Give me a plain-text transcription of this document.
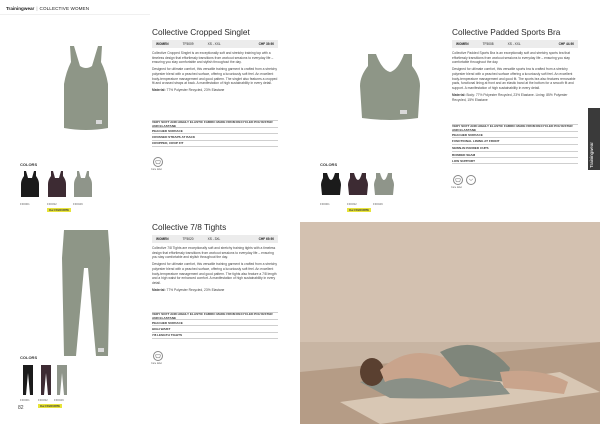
Trainingwear | COLLECTIVE WOMEN
Trainingwear
Collective Cropped Singlet
WOMEN	TF5009	XS - XXL	CHF 39.90

Collective Cropped Singlet is an exceptionally soft and stretchy training top with a timeless design that effortlessly transitions from workout sessions to everyday life – ensuring you stay comfortable and stylish throughout the day.

Designed for ultimate comfort, this versatile training garment is crafted from a stretchy polyester blend with a peached surface, offering a luxuriously soft feel. An excellent body-temperature management and good pattern. The singlet also features a cropped fit and crossed straps at back. A manifestation of high sustainability in every detail.

Material: 77% Polyester Recycled, 23% Elastane

VERY SOFT AND HIGHLY ELASTIC FABRIC MADE FROM RECYCLED POLYESTER AND ELASTANE
PEACHED SURFACE
CROSSED STRAPS AT BACK
CROPPED, CROP FIT
Care label
COLORS
FF0001	FF0032	FF0049
Our FAVOURITE
Collective Padded Sports Bra
WOMEN	TF5008	XS - XXL	CHF 44.90

Collective Padded Sports Bra is an exceptionally soft and stretchy sports bra that effortlessly transitions from workout sessions to everyday life – ensuring you stay comfortable throughout the day.

Designed for ultimate comfort, this versatile sports bra is crafted from a stretchy polyester blend with a peached surface offering a luxuriously soft feel. An excellent body-temperature management and good fit. The sports bra also features removable pads, functional lining at front and an elastic band at the bottom for a smooth fit and support. A manifestation of high sustainability in every detail.

Material: Body: 77% Polyester Recycled, 23% Elastane. Lining: 85% Polyester Recycled, 15% Elastane

VERY SOFT AND HIGHLY ELASTIC FABRIC MADE FROM RECYCLED POLYESTER AND ELASTANE
PEACHED SURFACE
FUNCTIONAL LINING AT FRONT
SEWN-IN PADDED CUPS
BONDED SEAM
LOW SUPPORT
Care label
COLORS
FF0001	FF0032	FF0049
Our FAVOURITE
Collective 7/8 Tights
WOMEN	TF5020	XS - 3XL	CHF 69.90

Collective 7/8 Tights are exceptionally soft and stretchy training tights with a timeless design that effortlessly transitions from workout sessions to everyday life – ensuring you stay comfortable and stylish throughout the day.

Designed for ultimate comfort, this versatile training garment is crafted from a stretchy polyester blend with a peached surface, offering a luxuriously soft feel. An excellent body-temperature management and good pattern. The tights also feature a 7/8 length and a high waist for enhanced comfort. A manifestation of high sustainability in every detail.

Material: 77% Polyester Recycled, 23% Elastane

VERY SOFT AND HIGHLY ELASTIC FABRIC MADE FROM RECYCLED POLYESTER AND ELASTANE
PEACHED SURFACE
HIGH WAIST
7/8 LENGTH TIGHTS
Care label
COLORS
FF0001	FF0032 FF0049
Our FAVOURITE
82
